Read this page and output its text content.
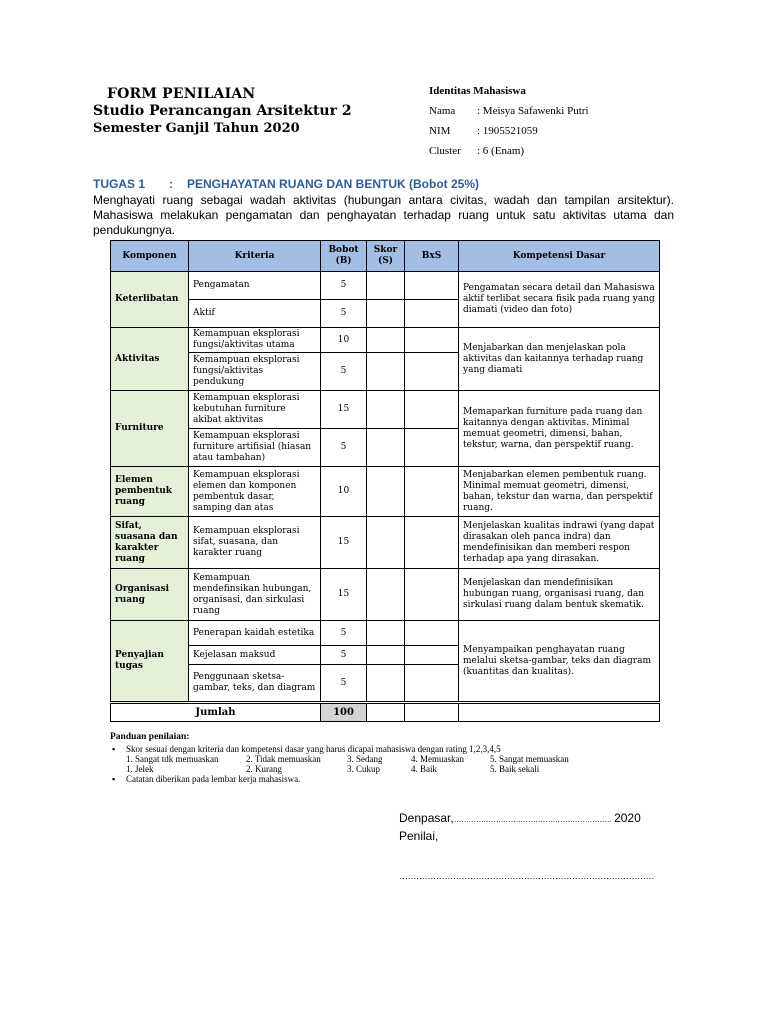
FORM PENILAIAN
Studio Perancangan Arsitektur 2
Semester Ganjil Tahun 2020
Identitas Mahasiswa
Nama	: Meisya Safawenki Putri
NIM	: 1905521059
Cluster	: 6 (Enam)
TUGAS 1 : PENGHAYATAN RUANG DAN BENTUK (Bobot 25%)
Menghayati ruang sebagai wadah aktivitas (hubungan antara civitas, wadah dan tampilan arsitektur). Mahasiswa melakukan pengamatan dan penghayatan terhadap ruang untuk satu aktivitas utama dan pendukungnya.
Komponen	Kriteria	Bobot (B)	Skor (S)	BxS	Kompetensi Dasar
Keterlibatan	Pengamatan	5			Pengamatan secara detail dan Mahasiswa aktif terlibat secara fisik pada ruang yang diamati (video dan foto)
	Aktif	5			
Aktivitas	Kemampuan eksplorasi fungsi/aktivitas utama	10			Menjabarkan dan menjelaskan pola aktivitas dan kaitannya terhadap ruang yang diamati
	Kemampuan eksplorasi fungsi/aktivitas pendukung	5			
Furniture	Kemampuan eksplorasi kebutuhan furniture akibat aktivitas	15			Memaparkan furniture pada ruang dan kaitannya dengan aktivitas. Minimal memuat geometri, dimensi, bahan, tekstur, warna, dan perspektif ruang.
	Kemampuan eksplorasi furniture artifisial (hiasan atau tambahan)	5			
Elemen pembentuk ruang	Kemampuan eksplorasi elemen dan komponen pembentuk dasar, samping dan atas	10			Menjabarkan elemen pembentuk ruang. Minimal memuat geometri, dimensi, bahan, tekstur dan warna, dan perspektif ruang.
Sifat, suasana dan karakter ruang	Kemampuan eksplorasi sifat, suasana, dan karakter ruang	15			Menjelaskan kualitas indrawi (yang dapat dirasakan oleh panca indra) dan mendefinisikan dan memberi respon terhadap apa yang dirasakan.
Organisasi ruang	Kemampuan mendefinsikan hubungan, organisasi, dan sirkulasi ruang	15			Menjelaskan dan mendefinisikan hubungan ruang, organisasi ruang, dan sirkulasi ruang dalam bentuk skematik.
Penyajian tugas	Penerapan kaidah estetika	5			Menyampaikan penghayatan ruang melalui sketsa-gambar, teks dan diagram (kuantitas dan kualitas).
	Kejelasan maksud	5			
	Penggunaan sketsa-gambar, teks, dan diagram	5			
Jumlah		100			
Panduan penilaian:
▪	Skor sesuai dengan kriteria dan kompetensi dasar yang harus dicapai mahasiswa dengan rating 1,2,3,4,5
1. Sangat tdk memuaskan	2. Tidak memuaskan	3. Sedang	4. Memuaskan	5. Sangat memuaskan
1. Jelek	2. Kurang	3. Cukup	4. Baik	5. Baik sekali
▪	Catatan diberikan pada lembar kerja mahasiswa.
Denpasar,………………………………………………………. 2020
Penilai,
………………………………………………………………………………
